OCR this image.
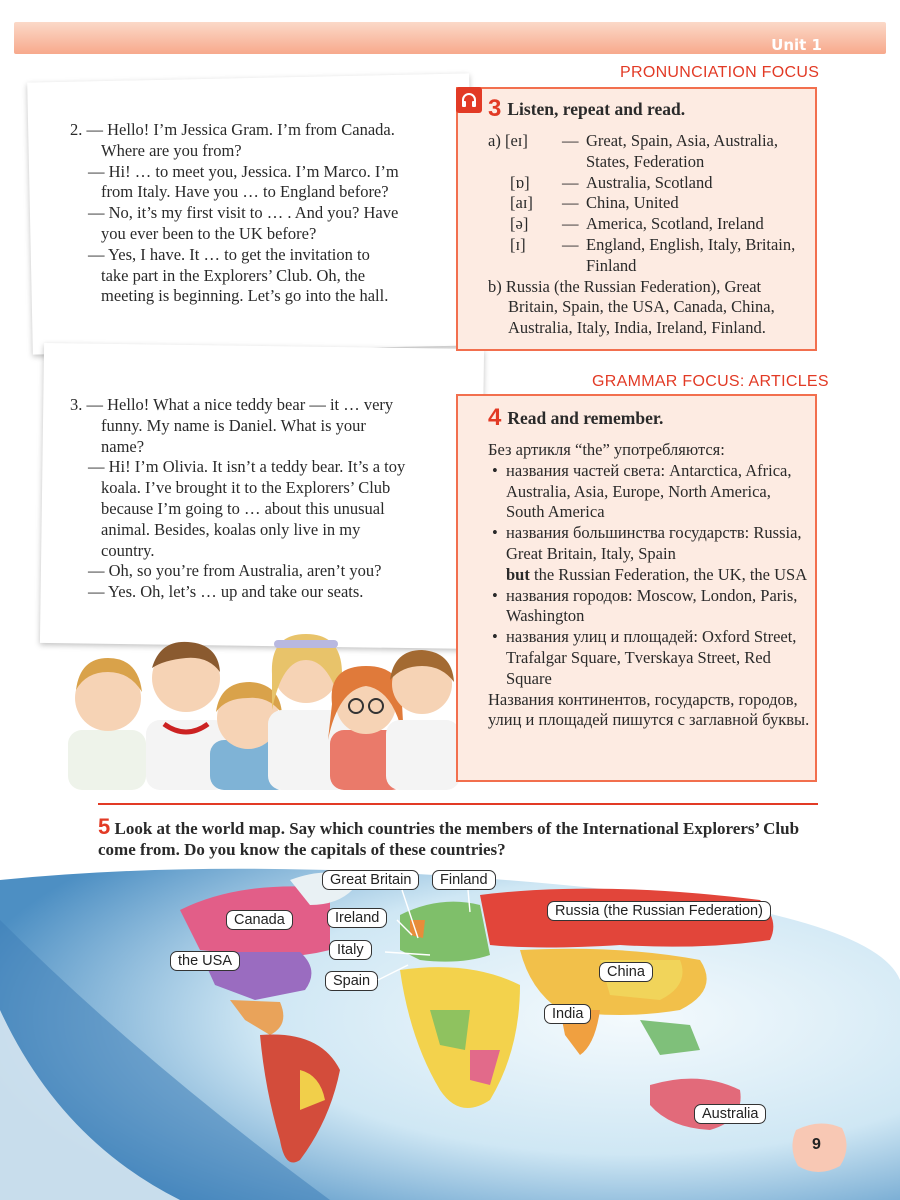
Unit 1
PRONUNCIATION FOCUS

2. — Hello! I’m Jessica Gram. I’m from Canada.

Where are you from?

— Hi! … to meet you, Jessica. I’m Marco. I’m

from Italy. Have you … to England before?

— No, it’s my first visit to … . And you? Have

you ever been to the UK before?

— Yes, I have. It … to get the invitation to

take part in the Explorers’ Club. Oh, the

meeting is beginning. Let’s go into the hall.

3. — Hello! What a nice teddy bear — it … very

funny. My name is Daniel. What is your

name?

— Hi! I’m Olivia. It isn’t a teddy bear. It’s a toy

koala. I’ve brought it to the Explorers’ Club

because I’m going to … about this unusual

animal. Besides, koalas only live in my

country.

— Oh, so you’re from Australia, aren’t you?

— Yes. Oh, let’s … up and take our seats.

3 Listen, repeat and read.
a) [eɪ]	— Great, Spain, Asia, Australia,
States, Federation
[ɒ]	— Australia, Scotland
[aɪ]	— China, United
[ə]	— America, Scotland, Ireland
[ɪ]	— England, English, Italy, Britain,
Finland
b) Russia (the Russian Federation), Great Britain, Spain, the USA, Canada, China, Australia, Italy, India, Ireland, Finland.
GRAMMAR FOCUS: ARTICLES
4 Read and remember.
Без артикля “the” употребляются:
• названия частей света: Antarctica, Africa, Australia, Asia, Europe, North America, South America
• названия большинства государств: Russia, Great Britain, Italy, Spain
but the Russian Federation, the UK, the USA
• названия городов: Moscow, London, Paris, Washington
• названия улиц и площадей: Oxford Street, Trafalgar Square, Tverskaya Street, Red Square
Названия континентов, государств, городов, улиц и площадей пишутся с заглавной буквы.
5 Look at the world map. Say which countries the members of the International Explorers’ Club come from. Do you know the capitals of these countries?
Great Britain	Finland
Canada	Ireland	Russia (the Russian Federation)
the USA
Italy
China
Spain
India
Australia
9
